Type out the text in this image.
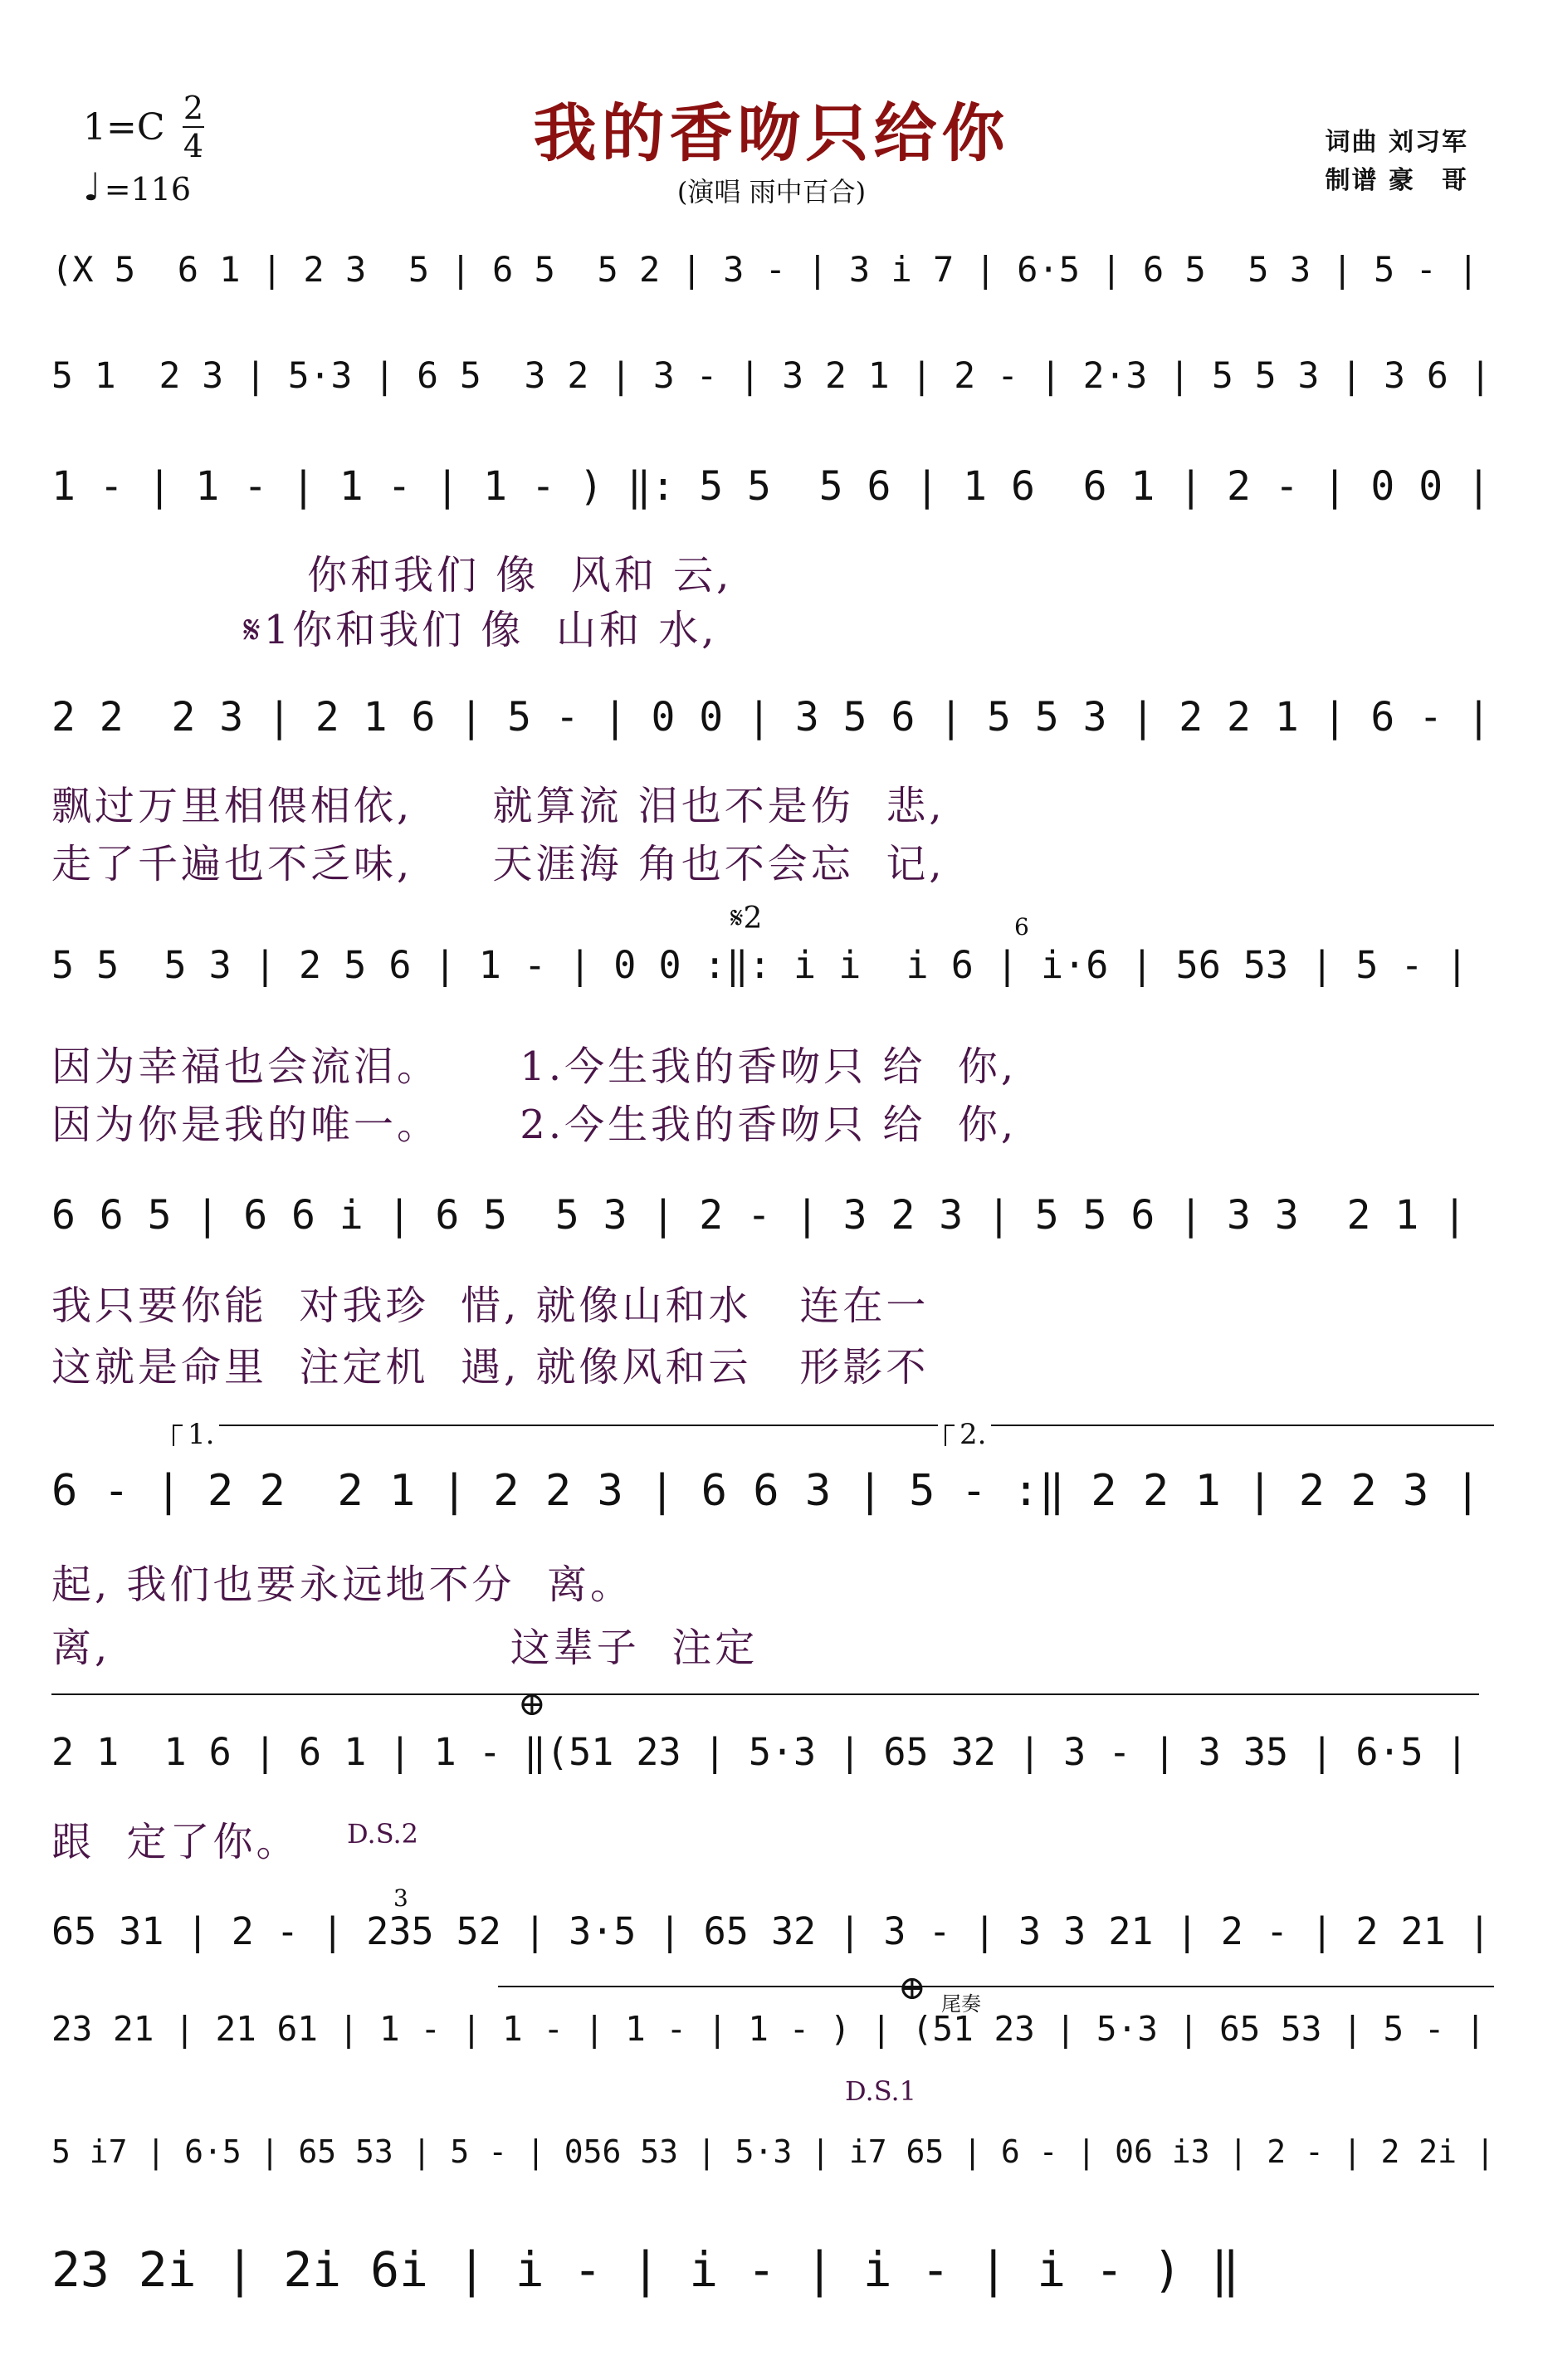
1=C 2
4
♩ =116
我的香吻只给你
(演唱 雨中百合)
词曲 刘习军
制谱 豪　哥
(X 5  6 1 | 2 3  5 | 6 5  5 2 | 3 - | 3 i 7 | 6·5 | 6 5  5 3 | 5 - |
5 1  2 3 | 5·3 | 6 5  3 2 | 3 - | 3 2 1 | 2 - | 2·3 | 5 5 3 | 3 6 |
1 - | 1 - | 1 - | 1 - ) ‖: 5 5  5 6 | 1 6  6 1 | 2 - | 0 0 |
你和我们 像  风和 云,
𝄋1你和我们 像  山和 水,
2 2  2 3 | 2 1 6 | 5 - | 0 0 | 3 5 6 | 5 5 3 | 2 2 1 | 6 - |
飘过万里相偎相依,     就算流 泪也不是伤  悲,
走了千遍也不乏味,     天涯海 角也不会忘  记,
𝄋2	6
5 5  5 3 | 2 5 6 | 1 - | 0 0 :‖: i i  i 6 | i·6 | 56 53 | 5 - |
因为幸福也会流泪。     1.今生我的香吻只 给  你,
因为你是我的唯一。     2.今生我的香吻只 给  你,
6 6 5 | 6 6 i | 6 5  5 3 | 2 - | 3 2 3 | 5 5 6 | 3 3  2 1 |
我只要你能  对我珍  惜, 就像山和水   连在一
这就是命里  注定机  遇, 就像风和云   形影不
1.	2.
6 - | 2 2  2 1 | 2 2 3 | 6 6 3 | 5 - :‖ 2 2 1 | 2 2 3 |
起, 我们也要永远地不分  离。
离,                         这辈子  注定
⊕
2 1  1 6 | 6 1 | 1 - ‖(51 23 | 5·3 | 65 32 | 3 - | 3 35 | 6·5 |
跟  定了你。	D.S.2
3
65 31 | 2 - | 235 52 | 3·5 | 65 32 | 3 - | 3 3 21 | 2 - | 2 21 |
⊕ 尾奏
23 21 | 21 61 | 1 - | 1 - | 1 - | 1 - ) | (51 23 | 5·3 | 65 53 | 5 - |
D.S.1
5 i7 | 6·5 | 65 53 | 5 - | 056 53 | 5·3 | i7 65 | 6 - | 06 i3 | 2 - | 2 2i |
23 2i | 2i 6i | i - | i - | i - | i - ) ‖
